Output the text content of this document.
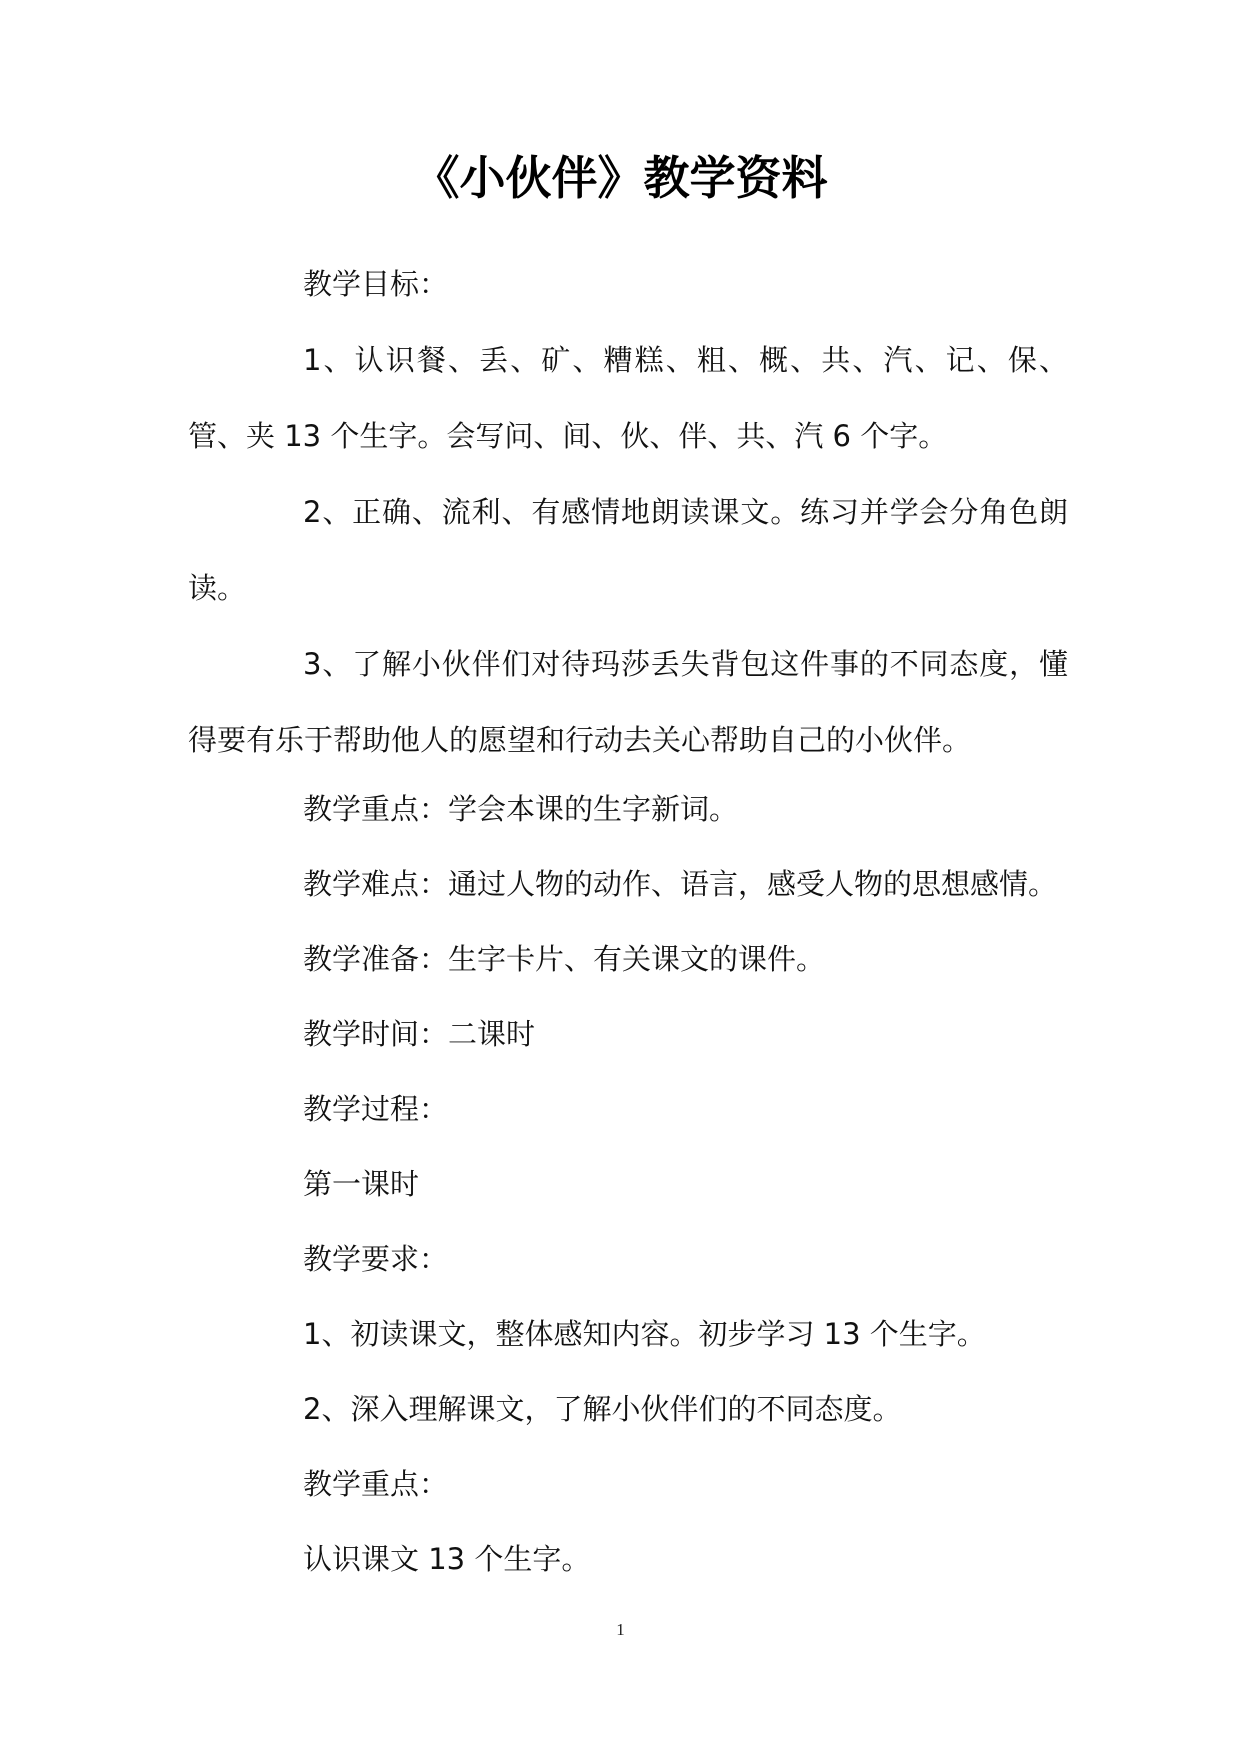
《小伙伴》教学资料
教学目标：
1、认识餐、丢、矿、糟糕、粗、概、共、汽、记、保、管、夹 13 个生字。会写问、间、伙、伴、共、汽 6 个字。
2、正确、流利、有感情地朗读课文。练习并学会分角色朗读。
3、了解小伙伴们对待玛莎丢失背包这件事的不同态度，懂得要有乐于帮助他人的愿望和行动去关心帮助自己的小伙伴。
教学重点：学会本课的生字新词。
教学难点：通过人物的动作、语言，感受人物的思想感情。
教学准备：生字卡片、有关课文的课件。
教学时间：二课时
教学过程：
第一课时
教学要求：
1、初读课文，整体感知内容。初步学习 13 个生字。
2、深入理解课文，了解小伙伴们的不同态度。
教学重点：
认识课文 13 个生字。
1
